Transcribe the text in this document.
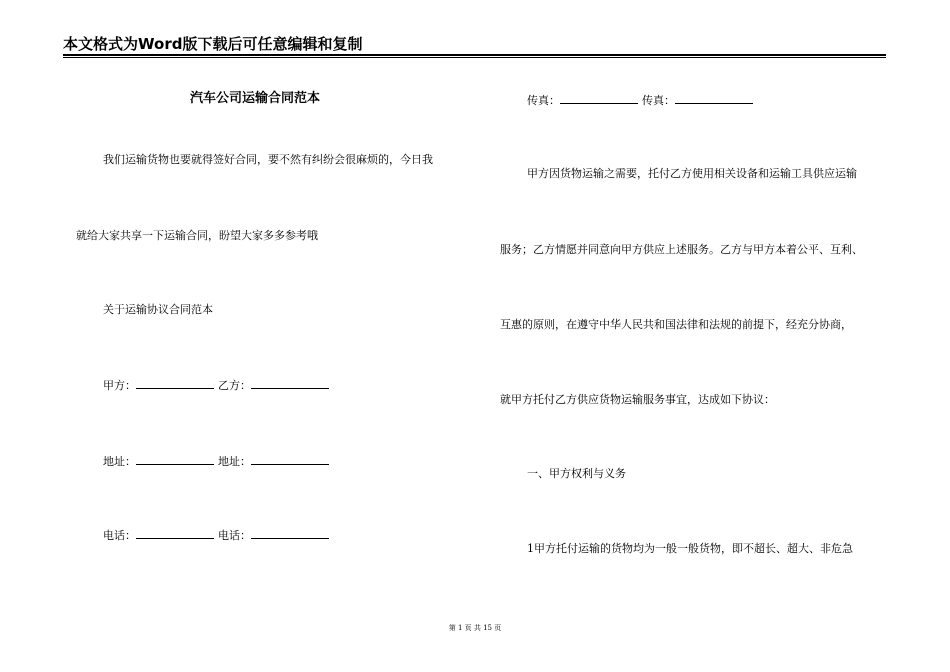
本文格式为Word版下载后可任意编辑和复制
汽车公司运输合同范本
我们运输货物也要就得签好合同，要不然有纠纷会很麻烦的，今日我
就给大家共享一下运输合同，盼望大家多多参考哦
关于运输协议合同范本
甲方：	乙方：
地址：	地址：
电话：	电话：
传真：	传真：
甲方因货物运输之需要，托付乙方使用相关设备和运输工具供应运输
服务；乙方情愿并同意向甲方供应上述服务。乙方与甲方本着公平、互利、
互惠的原则，在遵守中华人民共和国法律和法规的前提下，经充分协商，
就甲方托付乙方供应货物运输服务事宜，达成如下协议：
一、甲方权利与义务
1甲方托付运输的货物均为一般一般货物，即不超长、超大、非危急
第 1 页 共 15 页
